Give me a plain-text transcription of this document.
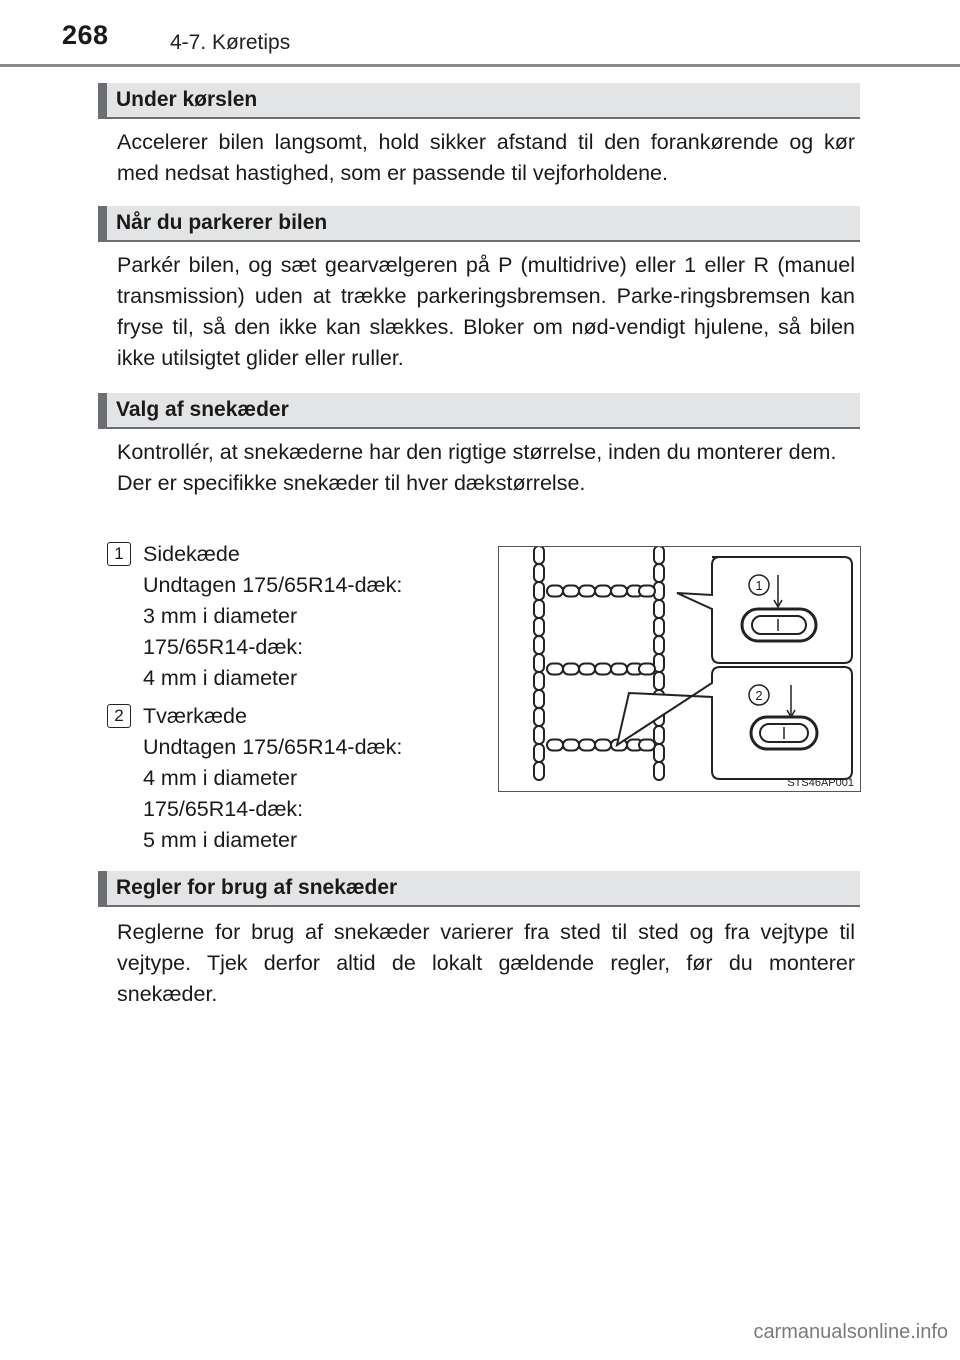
268	4-7. Køretips
Under kørslen

Accelerer bilen langsomt, hold sikker afstand til den forankørende og kør med nedsat hastighed, som er passende til vejforholdene.

Når du parkerer bilen

Parkér bilen, og sæt gearvælgeren på P (multidrive) eller 1 eller R (manuel transmission) uden at trække parkeringsbremsen. Parke-ringsbremsen kan fryse til, så den ikke kan slækkes. Bloker om nød-vendigt hjulene, så bilen ikke utilsigtet glider eller ruller.

Valg af snekæder

Kontrollér, at snekæderne har den rigtige størrelse, inden du monterer dem.

Der er specifikke snekæder til hver dækstørrelse.

1 Sidekæde
Undtagen 175/65R14-dæk:
3 mm i diameter
175/65R14-dæk:
4 mm i diameter
2 Tværkæde
Undtagen 175/65R14-dæk:
4 mm i diameter
175/65R14-dæk:
5 mm i diameter
1
2
STS46AP001
Regler for brug af snekæder

Reglerne for brug af snekæder varierer fra sted til sted og fra vejtype til vejtype. Tjek derfor altid de lokalt gældende regler, før du monterer snekæder.

carmanualsonline.info
